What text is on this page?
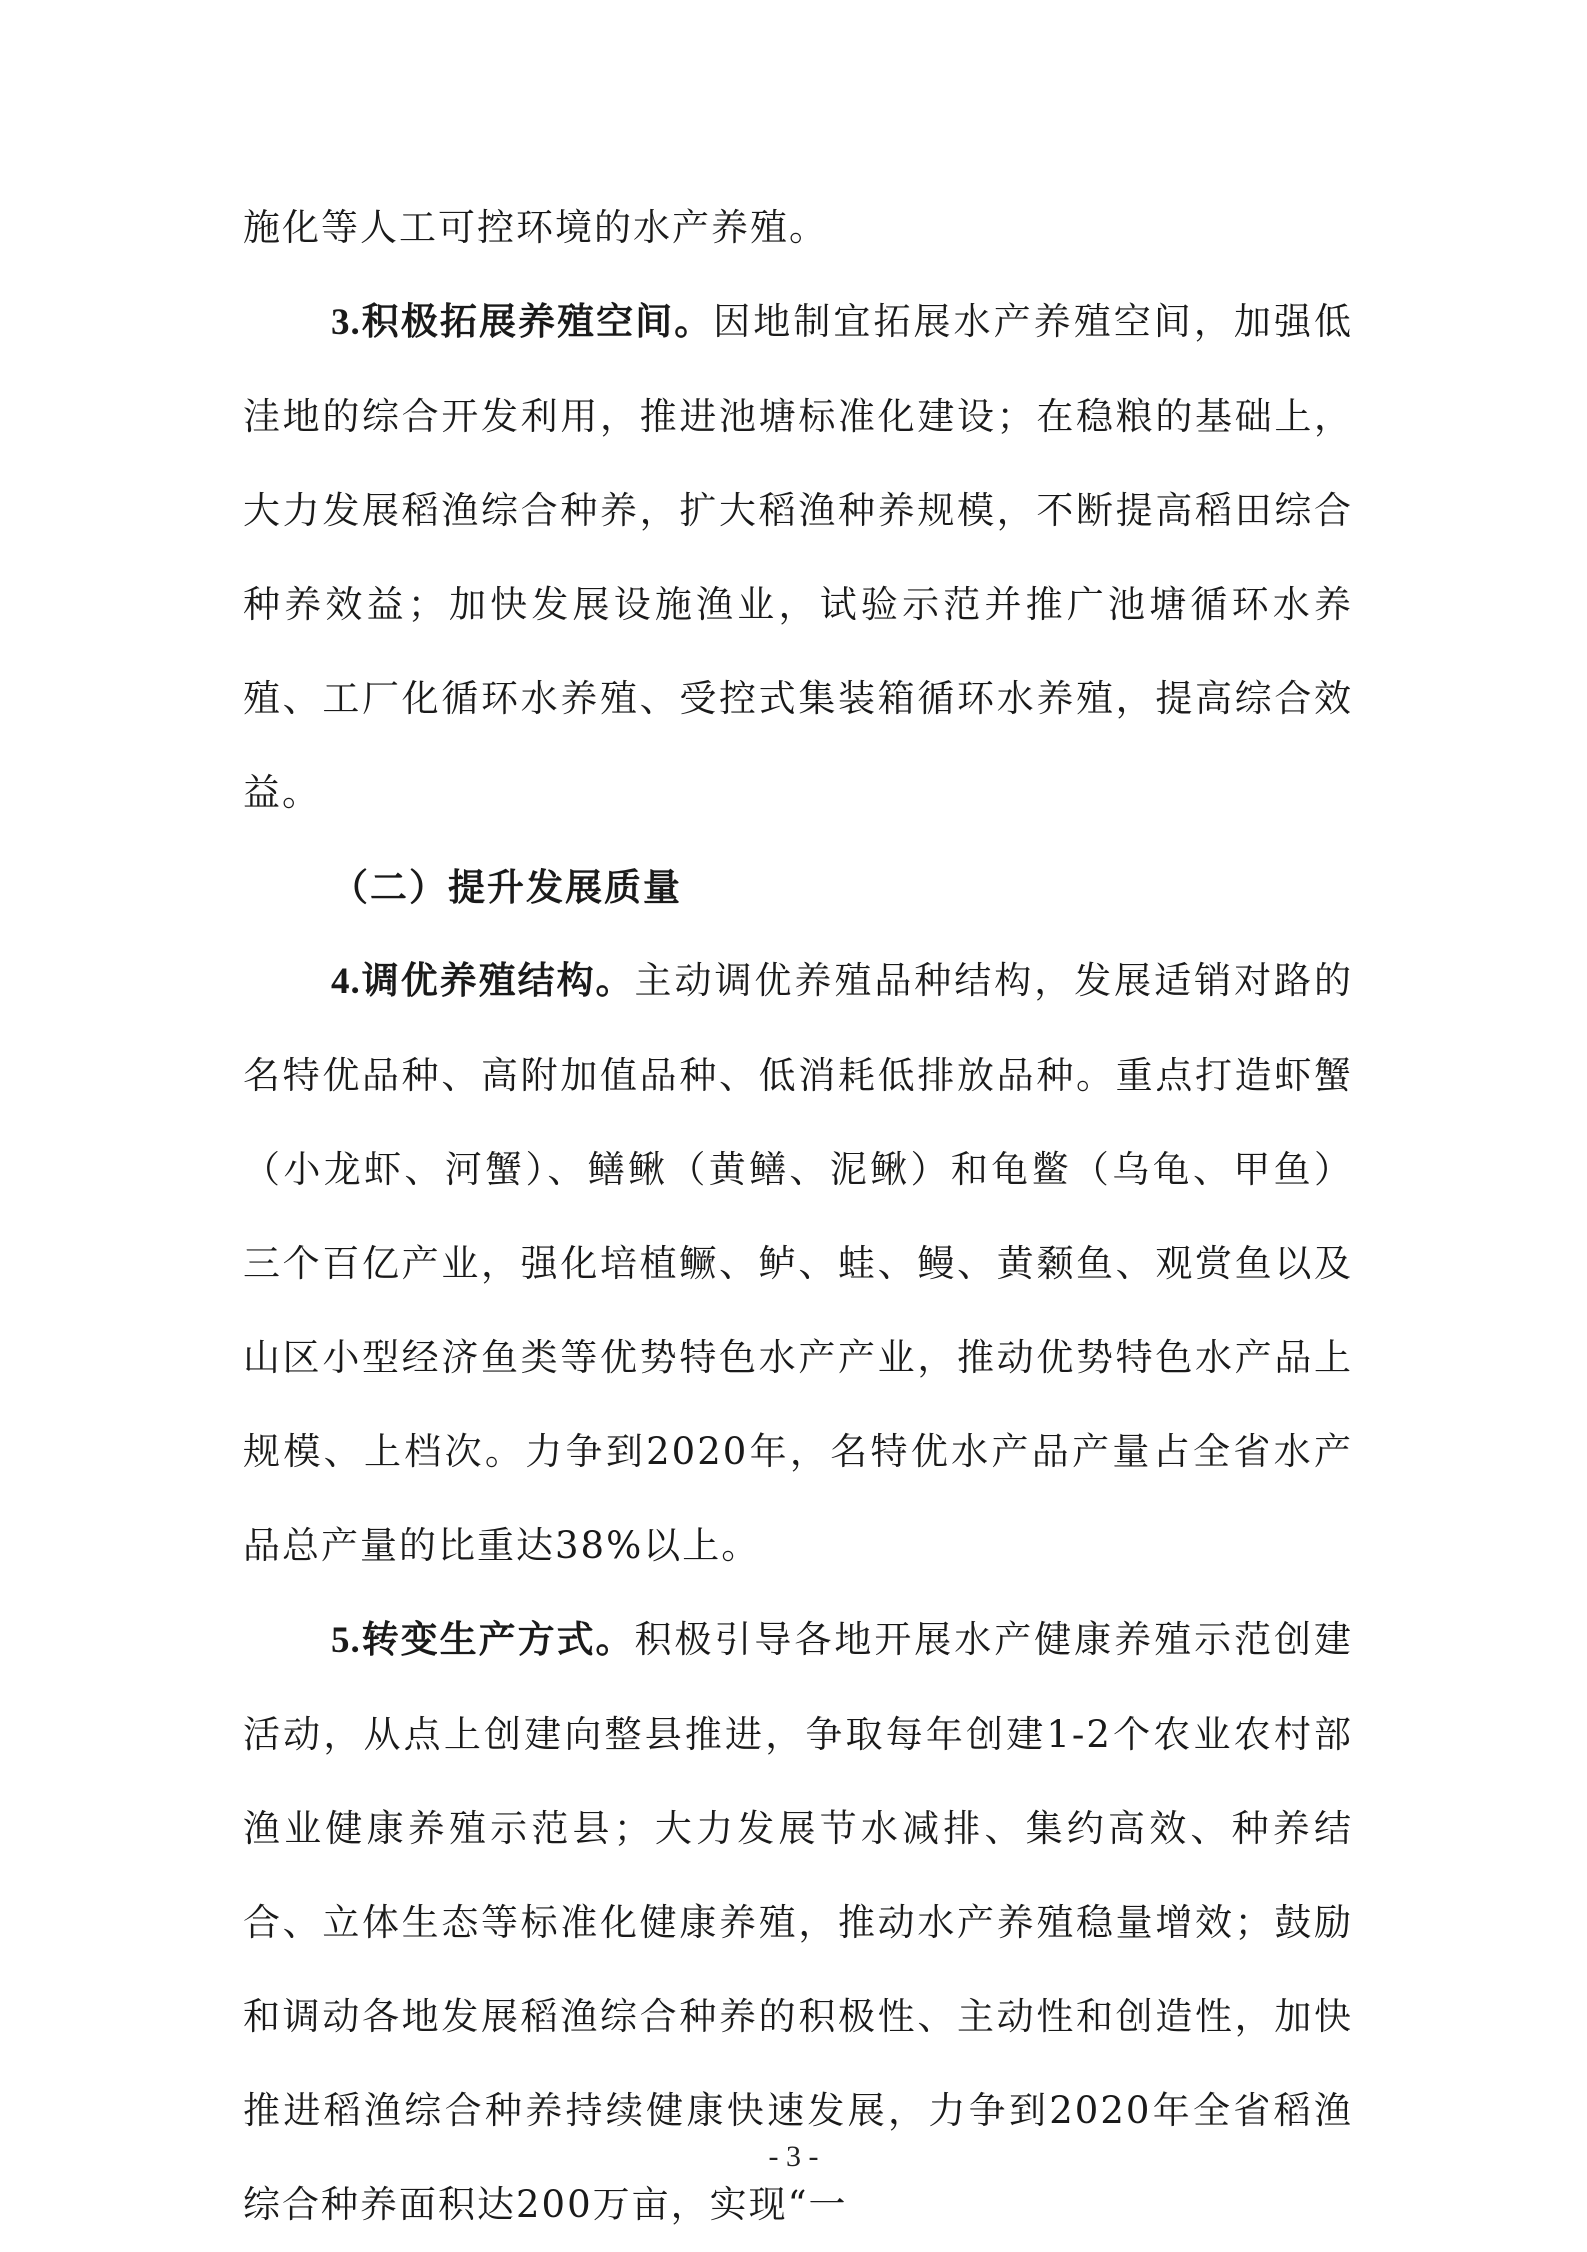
施化等人工可控环境的水产养殖。

3.积极拓展养殖空间。因地制宜拓展水产养殖空间，加强低洼地的综合开发利用，推进池塘标准化建设；在稳粮的基础上，大力发展稻渔综合种养，扩大稻渔种养规模，不断提高稻田综合种养效益；加快发展设施渔业，试验示范并推广池塘循环水养殖、工厂化循环水养殖、受控式集装箱循环水养殖，提高综合效益。

（二）提升发展质量

4.调优养殖结构。主动调优养殖品种结构，发展适销对路的名特优品种、高附加值品种、低消耗低排放品种。重点打造虾蟹（小龙虾、河蟹）、鳝鳅（黄鳝、泥鳅）和龟鳖（乌龟、甲鱼）三个百亿产业，强化培植鳜、鲈、蛙、鳗、黄颡鱼、观赏鱼以及山区小型经济鱼类等优势特色水产产业，推动优势特色水产品上规模、上档次。力争到2020年，名特优水产品产量占全省水产品总产量的比重达38%以上。

5.转变生产方式。积极引导各地开展水产健康养殖示范创建活动，从点上创建向整县推进，争取每年创建1-2个农业农村部渔业健康养殖示范县；大力发展节水减排、集约高效、种养结合、立体生态等标准化健康养殖，推动水产养殖稳量增效；鼓励和调动各地发展稻渔综合种养的积极性、主动性和创造性，加快推进稻渔综合种养持续健康快速发展，力争到2020年全省稻渔综合种养面积达200万亩，实现“一

- 3 -
